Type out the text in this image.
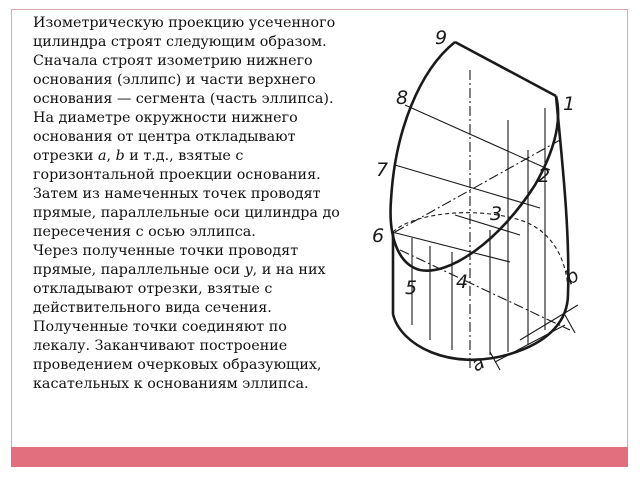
Изометрическую проекцию усеченного цилиндра строят следующим образом. Сначала строят изометрию нижнего основания (эллипс) и части верхнего основания — сегмента (часть эллипса). На диаметре окружности нижнего основания от центра откладывают отрезки a, b и т.д., взятые с горизонтальной проекции основания. Затем из намеченных точек проводят прямые, параллельные оси цилиндра до пересечения с осью эллипса.

Через полученные точки проводят прямые, параллельные оси y, и на них откладывают отрезки, взятые с действительного вида сечения. Полученные точки соединяют по лекалу. Заканчивают построение проведением очерковых образующих, касательных к основаниям эллипса.

9
1
8
2
7
3
6
4
5	b
a
